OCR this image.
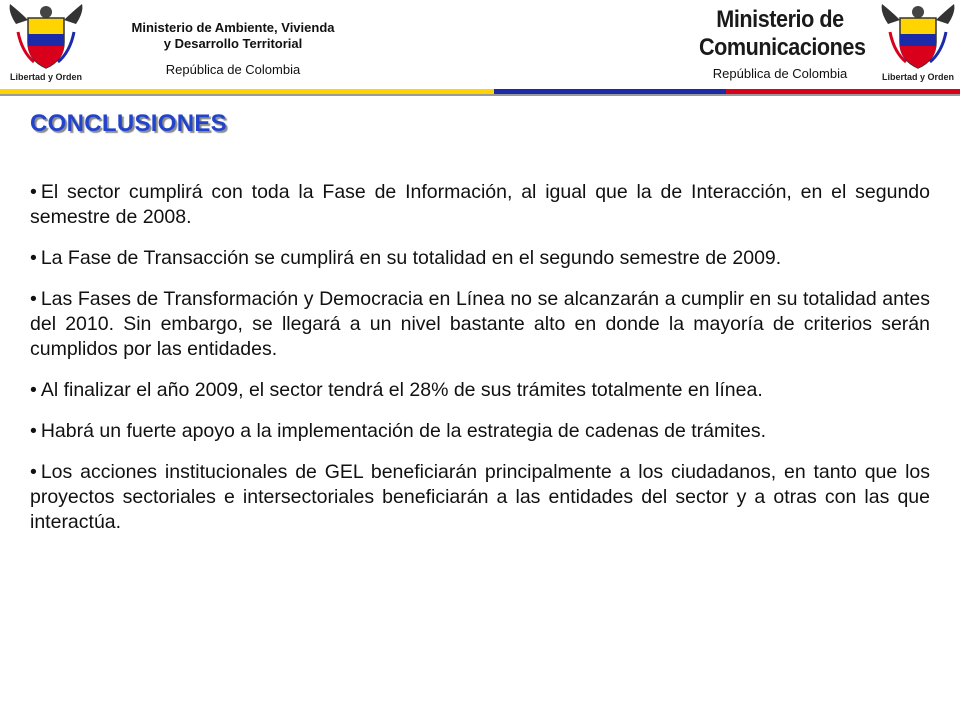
Libertad y Orden
Ministerio de Ambiente, Vivienda
y Desarrollo Territorial
República de Colombia
Ministerio de
Comunicaciones
República de Colombia	Libertad y Orden
CONCLUSIONES

• El sector cumplirá con toda la Fase de Información, al igual que la de Interacción, en el segundo semestre de 2008.

• La Fase de Transacción se cumplirá en su totalidad en el segundo semestre de 2009.

• Las Fases de Transformación y Democracia en Línea no se alcanzarán a cumplir en su totalidad antes del 2010. Sin embargo, se llegará a un nivel bastante alto en donde la mayoría de criterios serán cumplidos por las entidades.

• Al finalizar el año 2009, el sector tendrá el 28% de sus trámites totalmente en línea.

• Habrá un fuerte apoyo a la implementación de la estrategia de cadenas de trámites.

• Los acciones institucionales de GEL beneficiarán principalmente a los ciudadanos, en tanto que los proyectos sectoriales e intersectoriales beneficiarán a las entidades del sector y a otras con las que interactúa.
